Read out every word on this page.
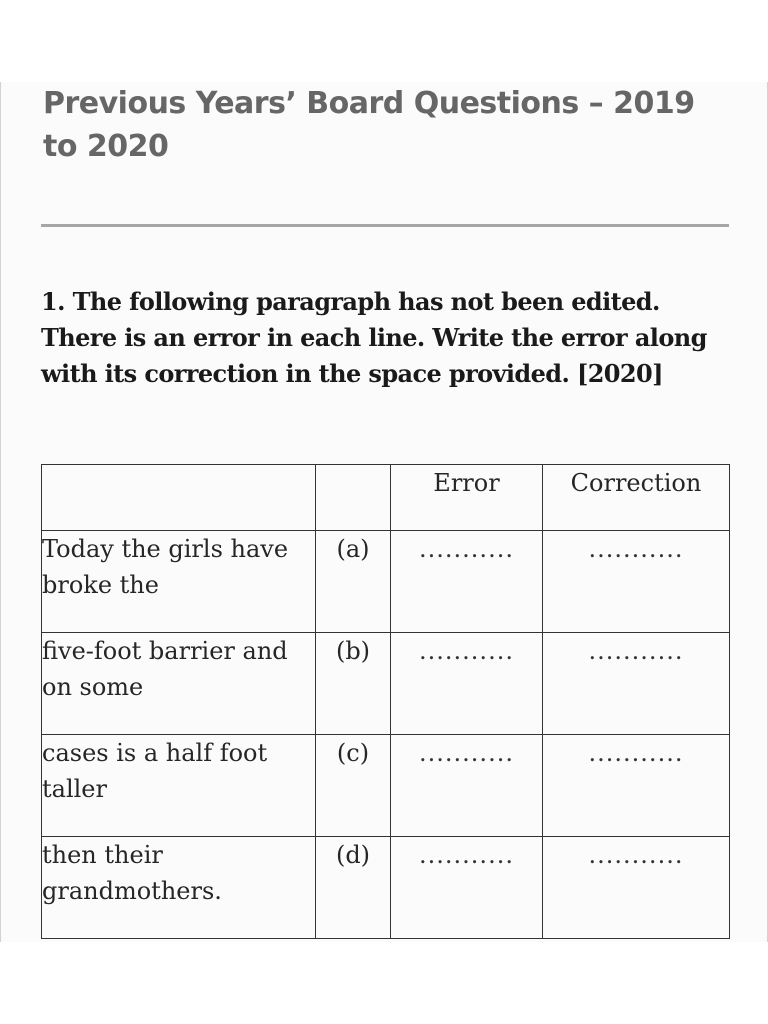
Previous Years’ Board Questions – 2019 to 2020

1. The following paragraph has not been edited. There is an error in each line. Write the error along with its correction in the space provided. [2020]

		Error	Correction
Today the girls have broke the	(a)	...........	...........
five-foot barrier and on some	(b)	...........	...........
cases is a half foot taller	(c)	...........	...........
then their grandmothers.	(d)	...........	...........
